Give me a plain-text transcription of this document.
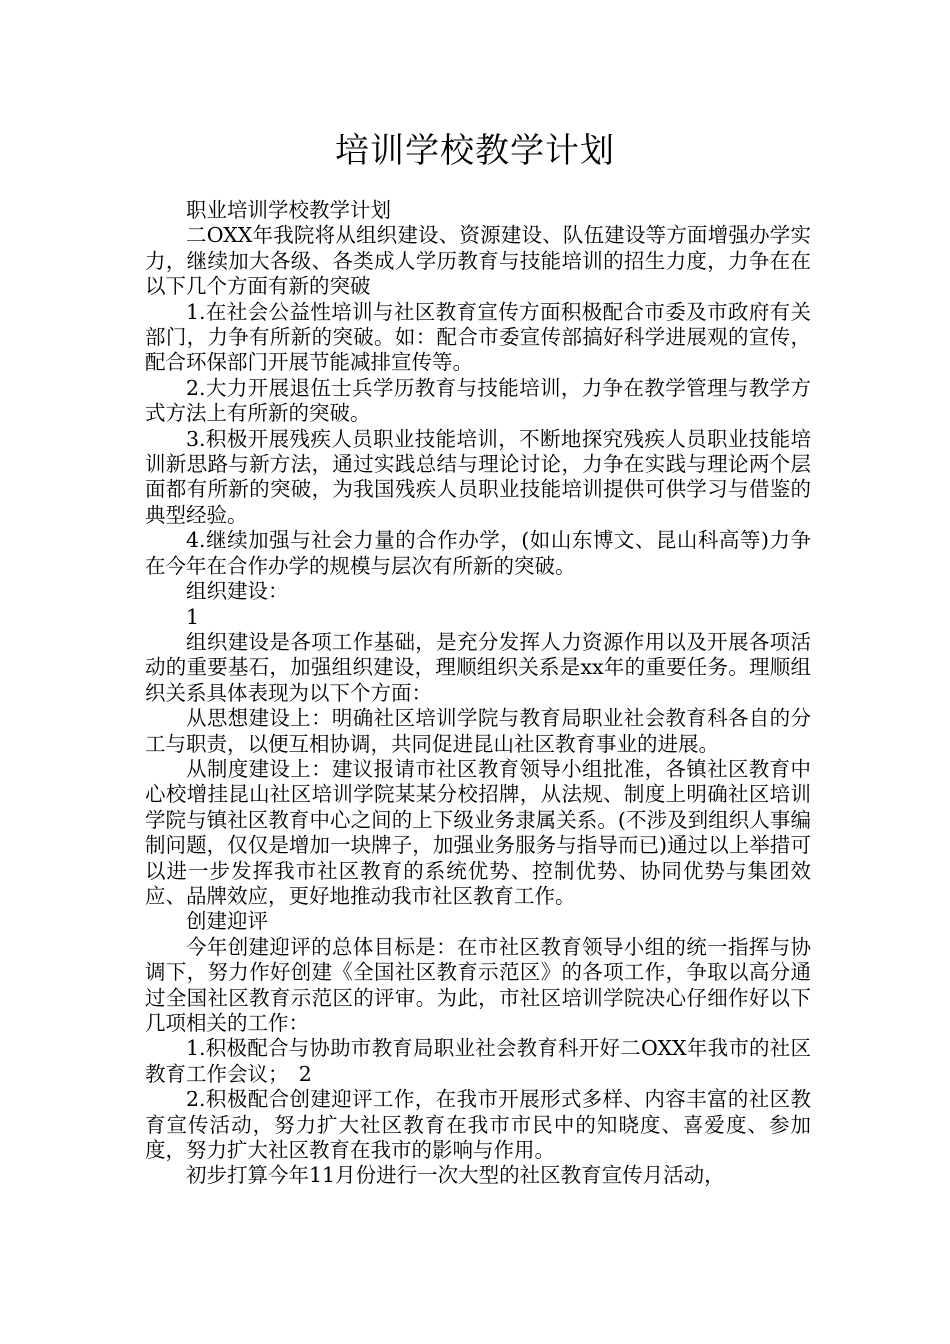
培训学校教学计划

职业培训学校教学计划

二OXX年我院将从组织建设、资源建设、队伍建设等方面增强办学实力，继续加大各级、各类成人学历教育与技能培训的招生力度，力争在在以下几个方面有新的突破

1.在社会公益性培训与社区教育宣传方面积极配合市委及市政府有关部门，力争有所新的突破。如：配合市委宣传部搞好科学进展观的宣传，配合环保部门开展节能减排宣传等。

2.大力开展退伍士兵学历教育与技能培训，力争在教学管理与教学方式方法上有所新的突破。

3.积极开展残疾人员职业技能培训，不断地探究残疾人员职业技能培训新思路与新方法，通过实践总结与理论讨论，力争在实践与理论两个层面都有所新的突破，为我国残疾人员职业技能培训提供可供学习与借鉴的典型经验。

4.继续加强与社会力量的合作办学，(如山东博文、昆山科高等)力争在今年在合作办学的规模与层次有所新的突破。

组织建设：

1

组织建设是各项工作基础，是充分发挥人力资源作用以及开展各项活动的重要基石，加强组织建设，理顺组织关系是xx年的重要任务。理顺组织关系具体表现为以下个方面：

从思想建设上：明确社区培训学院与教育局职业社会教育科各自的分工与职责，以便互相协调，共同促进昆山社区教育事业的进展。

从制度建设上：建议报请市社区教育领导小组批准，各镇社区教育中心校增挂昆山社区培训学院某某分校招牌，从法规、制度上明确社区培训学院与镇社区教育中心之间的上下级业务隶属关系。(不涉及到组织人事编制问题，仅仅是增加一块牌子，加强业务服务与指导而已)通过以上举措可以进一步发挥我市社区教育的系统优势、控制优势、协同优势与集团效应、品牌效应，更好地推动我市社区教育工作。

创建迎评

今年创建迎评的总体目标是：在市社区教育领导小组的统一指挥与协调下，努力作好创建《全国社区教育示范区》的各项工作，争取以高分通过全国社区教育示范区的评审。为此，市社区培训学院决心仔细作好以下几项相关的工作：

1.积极配合与协助市教育局职业社会教育科开好二OXX年我市的社区教育工作会议；　2

2.积极配合创建迎评工作，在我市开展形式多样、内容丰富的社区教育宣传活动，努力扩大社区教育在我市市民中的知晓度、喜爱度、参加度，努力扩大社区教育在我市的影响与作用。

初步打算今年11月份进行一次大型的社区教育宣传月活动，
